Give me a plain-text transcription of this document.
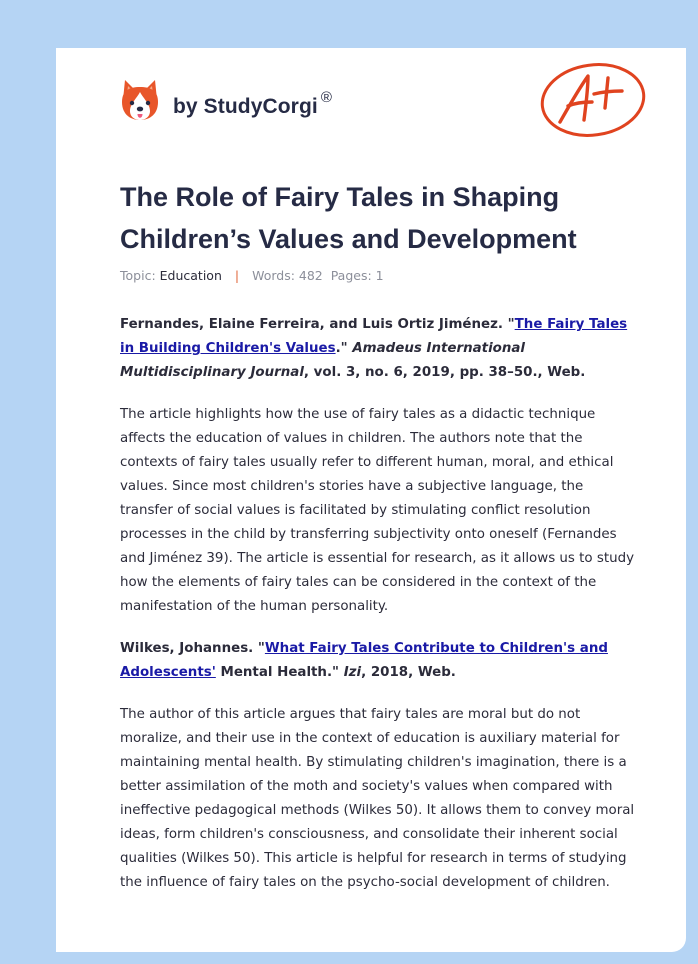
by StudyCorgi ®
The Role of Fairy Tales in Shaping Children’s Values and Development
Topic: Education | Words: 482 Pages: 1

Fernandes, Elaine Ferreira, and Luis Ortiz Jiménez. "The Fairy Tales in Building Children's Values." Amadeus International Multidisciplinary Journal, vol. 3, no. 6, 2019, pp. 38–50., Web.

The article highlights how the use of fairy tales as a didactic technique affects the education of values in children. The authors note that the contexts of fairy tales usually refer to different human, moral, and ethical values. Since most children's stories have a subjective language, the transfer of social values is facilitated by stimulating conflict resolution processes in the child by transferring subjectivity onto oneself (Fernandes and Jiménez 39). The article is essential for research, as it allows us to study how the elements of fairy tales can be considered in the context of the manifestation of the human personality.

Wilkes, Johannes. "What Fairy Tales Contribute to Children's and Adolescents' Mental Health." Izi, 2018, Web.

The author of this article argues that fairy tales are moral but do not moralize, and their use in the context of education is auxiliary material for maintaining mental health. By stimulating children's imagination, there is a better assimilation of the moth and society's values when compared with ineffective pedagogical methods (Wilkes 50). It allows them to convey moral ideas, form children's consciousness, and consolidate their inherent social qualities (Wilkes 50). This article is helpful for research in terms of studying the influence of fairy tales on the psycho-social development of children.
